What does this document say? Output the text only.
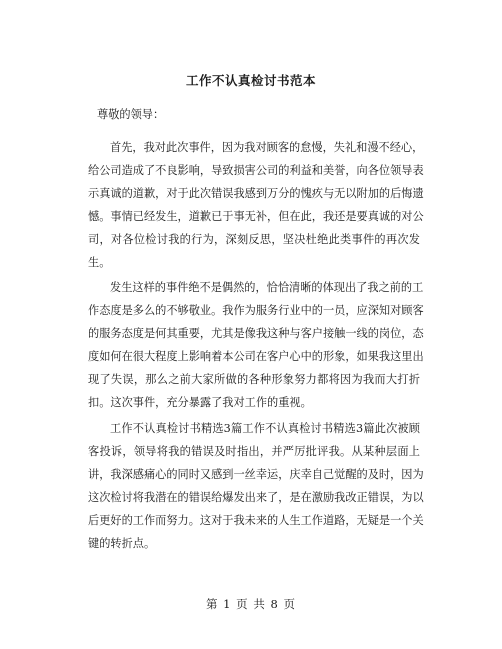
工作不认真检讨书范本
尊敬的领导：
首先，我对此次事件，因为我对顾客的怠慢，失礼和漫不经心，
给公司造成了不良影响，导致损害公司的利益和美誉，向各位领导表
示真诚的道歉，对于此次错误我感到万分的愧疚与无以附加的后悔遗
憾。事情已经发生，道歉已于事无补，但在此，我还是要真诚的对公
司，对各位检讨我的行为，深刻反思，坚决杜绝此类事件的再次发
生。
发生这样的事件绝不是偶然的，恰恰清晰的体现出了我之前的工
作态度是多么的不够敬业。我作为服务行业中的一员，应深知对顾客
的服务态度是何其重要，尤其是像我这种与客户接触一线的岗位，态
度如何在很大程度上影响着本公司在客户心中的形象，如果我这里出
现了失误，那么之前大家所做的各种形象努力都将因为我而大打折
扣。这次事件，充分暴露了我对工作的重视。
工作不认真检讨书精选3篇工作不认真检讨书精选3篇此次被顾
客投诉，领导将我的错误及时指出，并严厉批评我。从某种层面上
讲，我深感痛心的同时又感到一丝幸运，庆幸自己觉醒的及时，因为
这次检讨将我潜在的错误给爆发出来了，是在激励我改正错误，为以
后更好的工作而努力。这对于我未来的人生工作道路，无疑是一个关
键的转折点。
第 1 页 共 8 页
